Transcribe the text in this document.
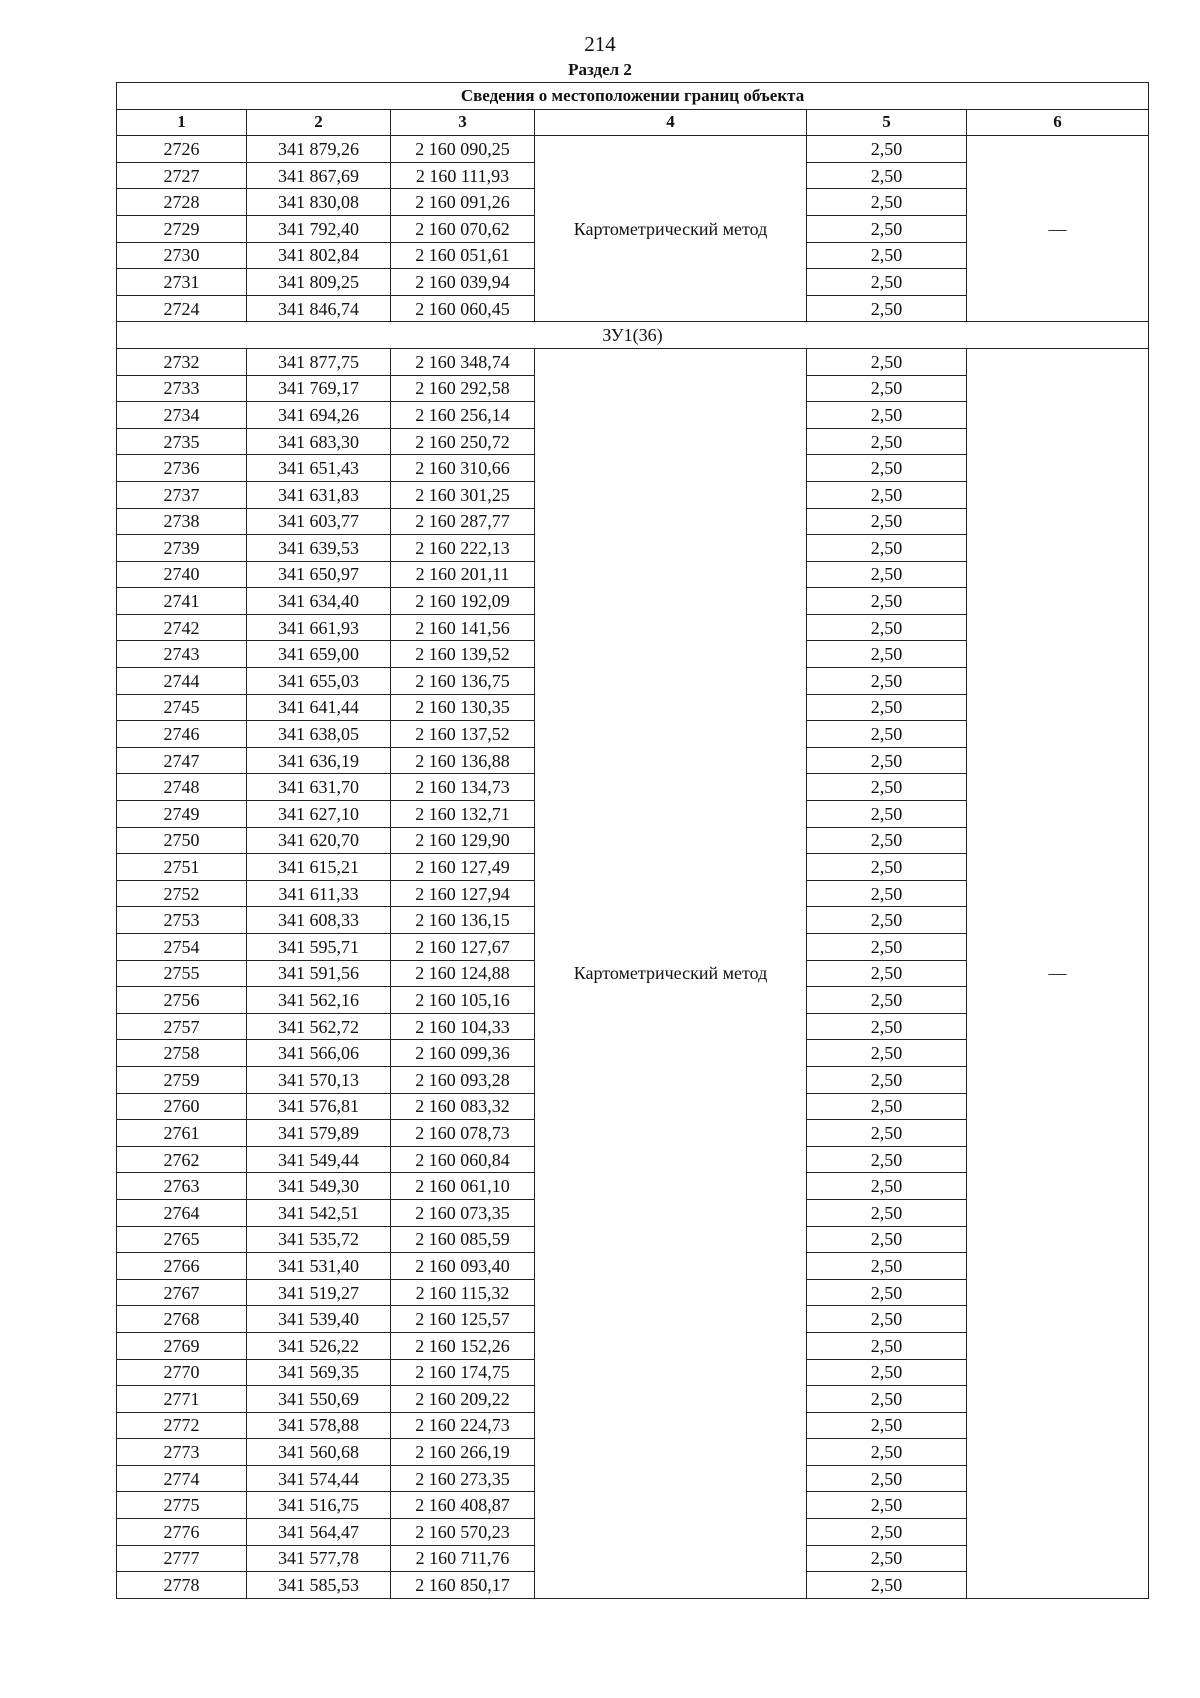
214
Раздел 2
Сведения о местоположении границ объекта					
1	2	3	4	5	6
2726	341 879,26	2 160 090,25	Картометрический метод	2,50	—
2727	341 867,69	2 160 111,93		2,50	
2728	341 830,08	2 160 091,26		2,50	
2729	341 792,40	2 160 070,62		2,50	
2730	341 802,84	2 160 051,61		2,50	
2731	341 809,25	2 160 039,94		2,50	
2724	341 846,74	2 160 060,45		2,50	
ЗУ1(36)					
2732	341 877,75	2 160 348,74	Картометрический метод	2,50	—
2733	341 769,17	2 160 292,58		2,50	
2734	341 694,26	2 160 256,14		2,50	
2735	341 683,30	2 160 250,72		2,50	
2736	341 651,43	2 160 310,66		2,50	
2737	341 631,83	2 160 301,25		2,50	
2738	341 603,77	2 160 287,77		2,50	
2739	341 639,53	2 160 222,13		2,50	
2740	341 650,97	2 160 201,11		2,50	
2741	341 634,40	2 160 192,09		2,50	
2742	341 661,93	2 160 141,56		2,50	
2743	341 659,00	2 160 139,52		2,50	
2744	341 655,03	2 160 136,75		2,50	
2745	341 641,44	2 160 130,35		2,50	
2746	341 638,05	2 160 137,52		2,50	
2747	341 636,19	2 160 136,88		2,50	
2748	341 631,70	2 160 134,73		2,50	
2749	341 627,10	2 160 132,71		2,50	
2750	341 620,70	2 160 129,90		2,50	
2751	341 615,21	2 160 127,49		2,50	
2752	341 611,33	2 160 127,94		2,50	
2753	341 608,33	2 160 136,15		2,50	
2754	341 595,71	2 160 127,67		2,50	
2755	341 591,56	2 160 124,88		2,50	
2756	341 562,16	2 160 105,16		2,50	
2757	341 562,72	2 160 104,33		2,50	
2758	341 566,06	2 160 099,36		2,50	
2759	341 570,13	2 160 093,28		2,50	
2760	341 576,81	2 160 083,32		2,50	
2761	341 579,89	2 160 078,73		2,50	
2762	341 549,44	2 160 060,84		2,50	
2763	341 549,30	2 160 061,10		2,50	
2764	341 542,51	2 160 073,35		2,50	
2765	341 535,72	2 160 085,59		2,50	
2766	341 531,40	2 160 093,40		2,50	
2767	341 519,27	2 160 115,32		2,50	
2768	341 539,40	2 160 125,57		2,50	
2769	341 526,22	2 160 152,26		2,50	
2770	341 569,35	2 160 174,75		2,50	
2771	341 550,69	2 160 209,22		2,50	
2772	341 578,88	2 160 224,73		2,50	
2773	341 560,68	2 160 266,19		2,50	
2774	341 574,44	2 160 273,35		2,50	
2775	341 516,75	2 160 408,87		2,50	
2776	341 564,47	2 160 570,23		2,50	
2777	341 577,78	2 160 711,76		2,50	
2778	341 585,53	2 160 850,17		2,50	
